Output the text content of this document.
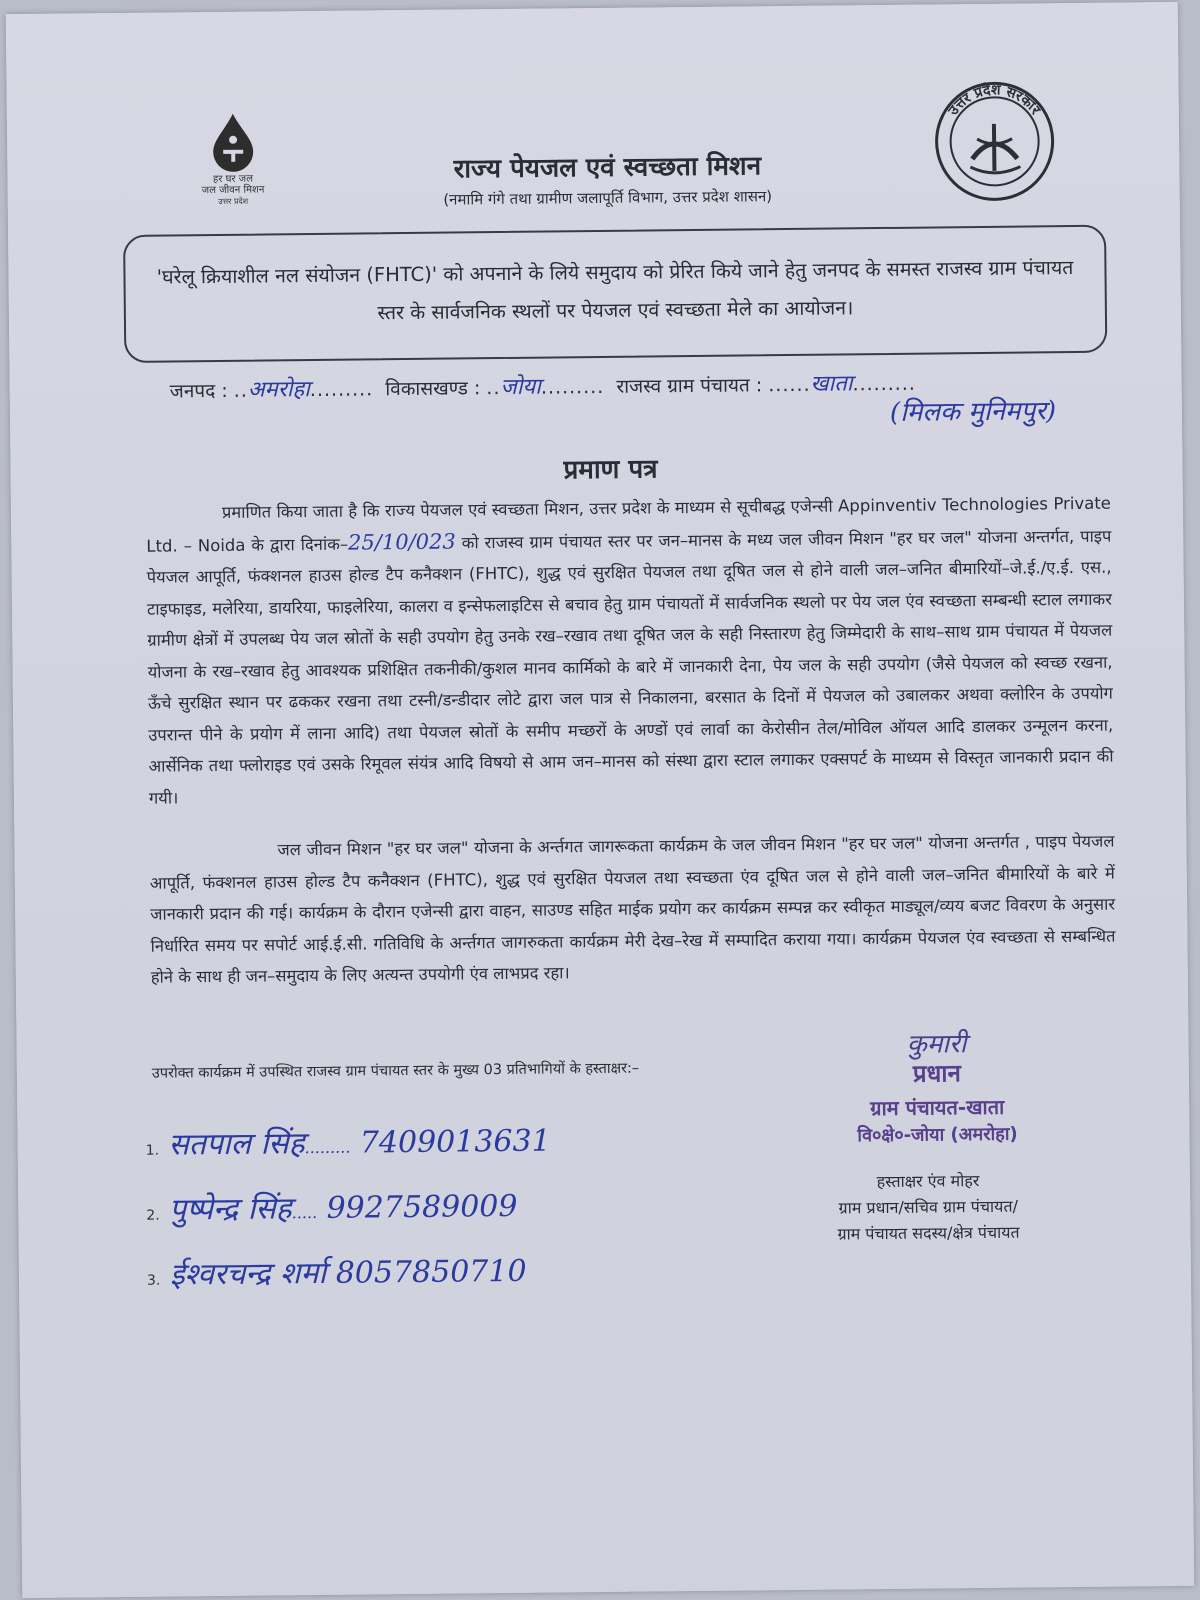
हर घर जल
जल जीवन मिशन
उत्तर प्रदेश
उत्तर प्रदेश सरकार
राज्य पेयजल एवं स्वच्छता मिशन
(नमामि गंगे तथा ग्रामीण जलापूर्ति विभाग, उत्तर प्रदेश शासन)
'घरेलू क्रियाशील नल संयोजन (FHTC)' को अपनाने के लिये समुदाय को प्रेरित किये जाने हेतु जनपद के समस्त राजस्व ग्राम पंचायत स्तर के सार्वजनिक स्थलों पर पेयजल एवं स्वच्छता मेले का आयोजन।
जनपद : ..अमरोहा......... विकासखण्ड : ..जोया......... राजस्व ग्राम पंचायत : ......खाता.........
(मिलक मुनिमपुर)
प्रमाण पत्र
प्रमाणित किया जाता है कि राज्य पेयजल एवं स्वच्छता मिशन, उत्तर प्रदेश के माध्यम से सूचीबद्ध एजेन्सी Appinventiv Technologies Private Ltd. – Noida के द्वारा दिनांक–25/10/023 को राजस्व ग्राम पंचायत स्तर पर जन–मानस के मध्य जल जीवन मिशन "हर घर जल" योजना अन्तर्गत, पाइप पेयजल आपूर्ति, फंक्शनल हाउस होल्ड टैप कनैक्शन (FHTC), शुद्ध एवं सुरक्षित पेयजल तथा दूषित जल से होने वाली जल–जनित बीमारियों–जे.ई./ए.ई. एस., टाइफाइड, मलेरिया, डायरिया, फाइलेरिया, कालरा व इन्सेफलाइटिस से बचाव हेतु ग्राम पंचायतों में सार्वजनिक स्थलो पर पेय जल एंव स्वच्छता सम्बन्धी स्टाल लगाकर ग्रामीण क्षेत्रों में उपलब्ध पेय जल स्रोतों के सही उपयोग हेतु उनके रख–रखाव तथा दूषित जल के सही निस्तारण हेतु जिम्मेदारी के साथ–साथ ग्राम पंचायत में पेयजल योजना के रख–रखाव हेतु आवश्यक प्रशिक्षित तकनीकी/कुशल मानव कार्मिको के बारे में जानकारी देना, पेय जल के सही उपयोग (जैसे पेयजल को स्वच्छ रखना, ऊँचे सुरक्षित स्थान पर ढककर रखना तथा टस्नी/डन्डीदार लोटे द्वारा जल पात्र से निकालना, बरसात के दिनों में पेयजल को उबालकर अथवा क्लोरिन के उपयोग उपरान्त पीने के प्रयोग में लाना आदि) तथा पेयजल स्रोतों के समीप मच्छरों के अण्डों एवं लार्वा का केरोसीन तेल/मोविल ऑयल आदि डालकर उन्मूलन करना, आर्सेनिक तथा फ्लोराइड एवं उसके रिमूवल संयंत्र आदि विषयो से आम जन–मानस को संस्था द्वारा स्टाल लगाकर एक्सपर्ट के माध्यम से विस्तृत जानकारी प्रदान की गयी।
जल जीवन मिशन "हर घर जल" योजना के अर्न्तगत जागरूकता कार्यक्रम के जल जीवन मिशन "हर घर जल" योजना अन्तर्गत , पाइप पेयजल आपूर्ति, फंक्शनल हाउस होल्ड टैप कनैक्शन (FHTC), शुद्ध एवं सुरक्षित पेयजल तथा स्वच्छता एंव दूषित जल से होने वाली जल–जनित बीमारियों के बारे में जानकारी प्रदान की गई। कार्यक्रम के दौरान एजेन्सी द्वारा वाहन, साउण्ड सहित माईक प्रयोग कर कार्यक्रम सम्पन्न कर स्वीकृत माड्यूल/व्यय बजट विवरण के अनुसार निर्धारित समय पर सपोर्ट आई.ई.सी. गतिविधि के अर्न्तगत जागरुकता कार्यक्रम मेरी देख–रेख में सम्पादित कराया गया। कार्यक्रम पेयजल एंव स्वच्छता से सम्बन्धित होने के साथ ही जन–समुदाय के लिए अत्यन्त उपयोगी एंव लाभप्रद रहा।
उपरोक्त कार्यक्रम में उपस्थित राजस्व ग्राम पंचायत स्तर के मुख्य 03 प्रतिभागियों के हस्ताक्षर:–
1. सतपाल सिंह......... 7409013631
2. पुष्पेन्द्र सिंह..... 9927589009
3. ईश्वरचन्द्र शर्मा 8057850710
कुमारी
प्रधान
ग्राम पंचायत-खाता
वि०क्षे०-जोया (अमरोहा)
हस्ताक्षर एंव मोहर
ग्राम प्रधान/सचिव ग्राम पंचायत/
ग्राम पंचायत सदस्य/क्षेत्र पंचायत
